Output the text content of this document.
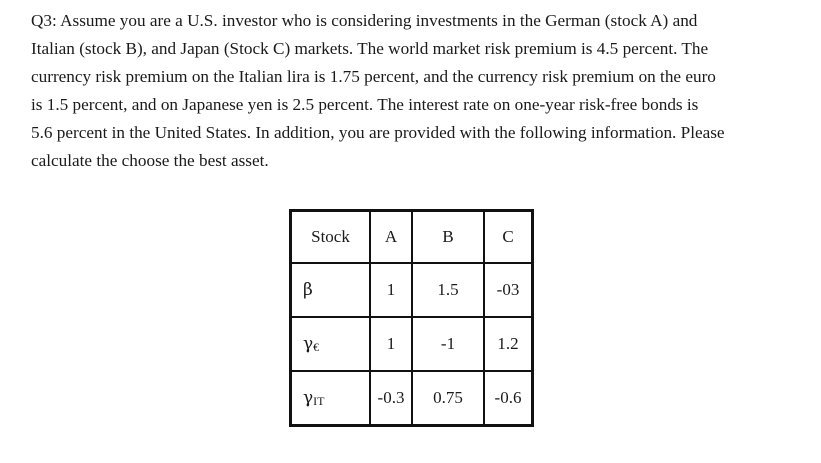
Q3: Assume you are a U.S. investor who is considering investments in the German (stock A) and
Italian (stock B), and Japan (Stock C) markets. The world market risk premium is 4.5 percent. The
currency risk premium on the Italian lira is 1.75 percent, and the currency risk premium on the euro
is 1.5 percent, and on Japanese yen is 2.5 percent. The interest rate on one-year risk-free bonds is
5.6 percent in the United States. In addition, you are provided with the following information. Please
calculate the choose the best asset.
Stock	A	B	C
β	1	1.5	-03
γ€	1	-1	1.2
γIT	-0.3	0.75	-0.6
